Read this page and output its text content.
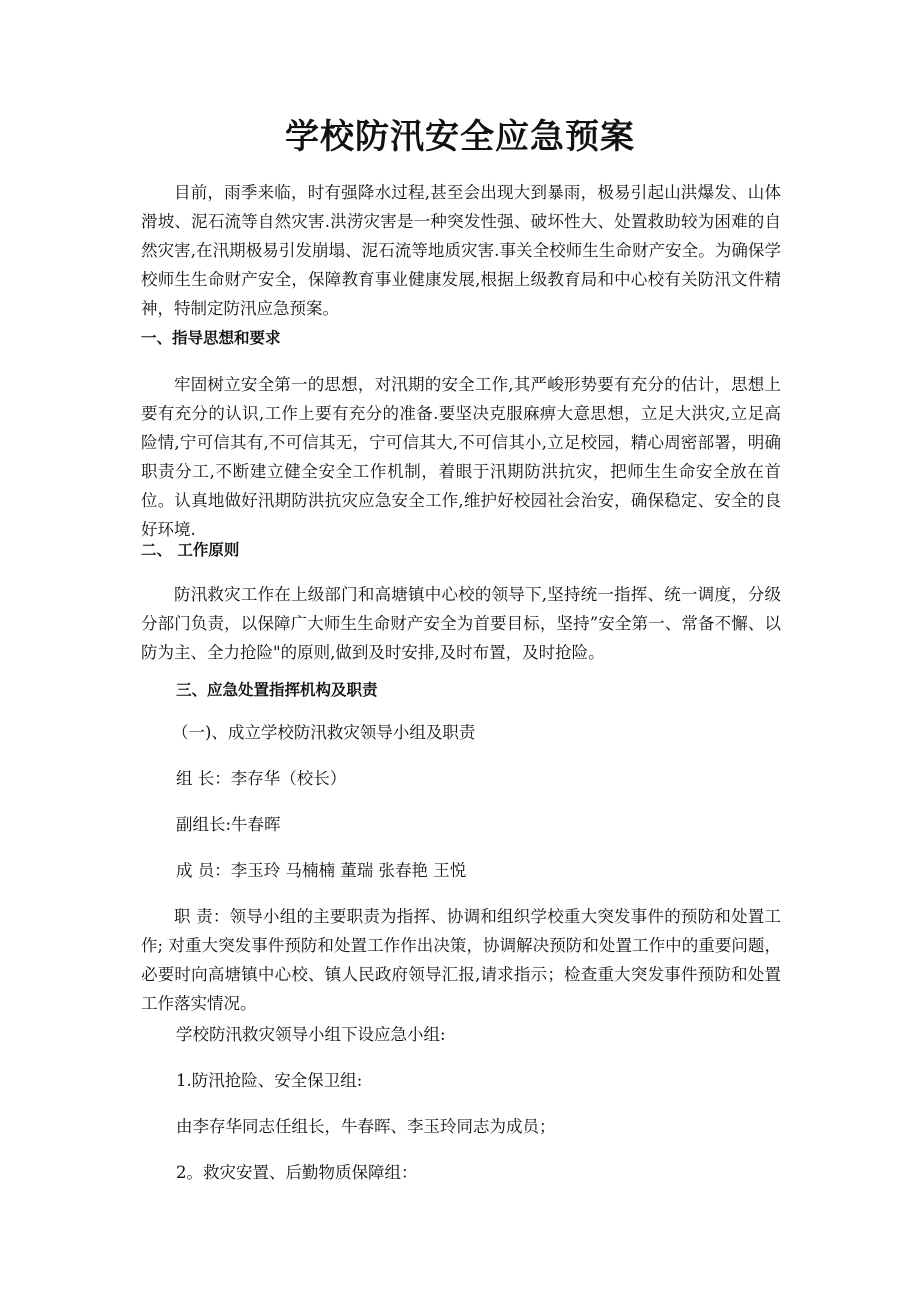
学校防汛安全应急预案

目前，雨季来临，时有强降水过程,甚至会出现大到暴雨，极易引起山洪爆发、山体滑坡、泥石流等自然灾害.洪涝灾害是一种突发性强、破坏性大、处置救助较为困难的自然灾害,在汛期极易引发崩塌、泥石流等地质灾害.事关全校师生生命财产安全。为确保学校师生生命财产安全，保障教育事业健康发展,根据上级教育局和中心校有关防汛文件精神，特制定防汛应急预案。

一、指导思想和要求

牢固树立安全第一的思想，对汛期的安全工作,其严峻形势要有充分的估计，思想上要有充分的认识,工作上要有充分的准备.要坚决克服麻痹大意思想，立足大洪灾,立足高险情,宁可信其有,不可信其无，宁可信其大,不可信其小,立足校园，精心周密部署，明确职责分工,不断建立健全安全工作机制，着眼于汛期防洪抗灾，把师生生命安全放在首位。认真地做好汛期防洪抗灾应急安全工作,维护好校园社会治安，确保稳定、安全的良好环境.

二、 工作原则

防汛救灾工作在上级部门和高塘镇中心校的领导下,坚持统一指挥、统一调度，分级分部门负责，以保障广大师生生命财产安全为首要目标，坚持”安全第一、常备不懈、以防为主、全力抢险"的原则,做到及时安排,及时布置，及时抢险。

三、应急处置指挥机构及职责

（一)、成立学校防汛救灾领导小组及职责

组 长：李存华（校长）

副组长:牛春晖

成 员：李玉玲 马楠楠 董瑞 张春艳 王悦

职 责：领导小组的主要职责为指挥、协调和组织学校重大突发事件的预防和处置工作; 对重大突发事件预防和处置工作作出决策，协调解决预防和处置工作中的重要问题，必要时向高塘镇中心校、镇人民政府领导汇报,请求指示；检查重大突发事件预防和处置工作落实情况。

学校防汛救灾领导小组下设应急小组:

1.防汛抢险、安全保卫组:

由李存华同志任组长，牛春晖、李玉玲同志为成员；

2。救灾安置、后勤物质保障组：
